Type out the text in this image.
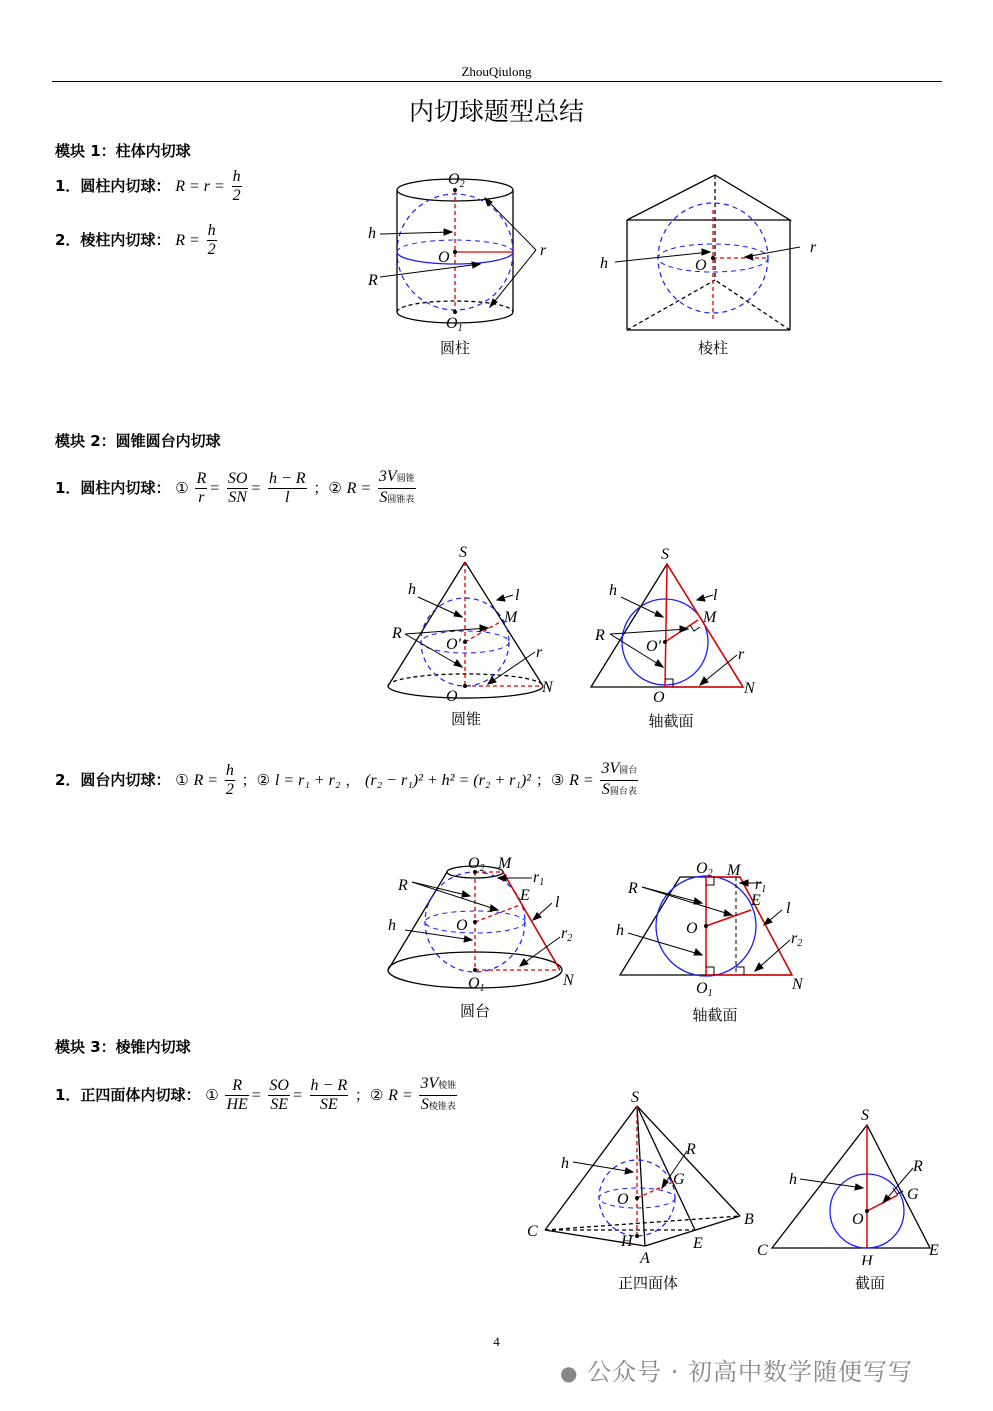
ZhouQiulong
内切球题型总结
模块 1：柱体内切球
1．圆柱内切球： $R = r = \frac{h}{2}$
2．棱柱内切球： $R = \frac{h}{2}$
O2
h
O
R
r
O1
圆柱
h	O
r
棱柱
模块 2：圆锥圆台内切球
1．圆柱内切球： ① $\frac{R}{r} = \frac{SO}{SN} = \frac{h - R}{l}$ ；② $R = \frac{\text{3V圆锥}}{\text{S圆锥表}}$
S
h	l
M
R
O′	r
O
N
圆锥
S
h	l
M
R
O′	r
O
N
轴截面
2．圆台内切球： ① $R = \frac{h}{2}$ ；② l = r₁ + r₂ ， (r₂ − r₁)² + h² = (r₂ + r₁)² ；③ $R = \frac{\text{3V圆台}}{\text{S圆台表}}$
O2 M
r1
R
E l
O
h	r2
O1	N
圆台
O2 M
r1
R
E l
O
h	r2
O1
N
轴截面
模块 3：棱锥内切球
1．正四面体内切球： ① $\frac{R}{HE} = \frac{SO}{SE} = \frac{h - R}{SE}$ ；② $R = \frac{\text{3V棱锥}}{\text{S棱锥表}}$	S
h
R
G
O
C
B
H	E
A
正四面体
S
h
R
G
O
C
H
E
截面
4
● 公众号 · 初高中数学随便写写
